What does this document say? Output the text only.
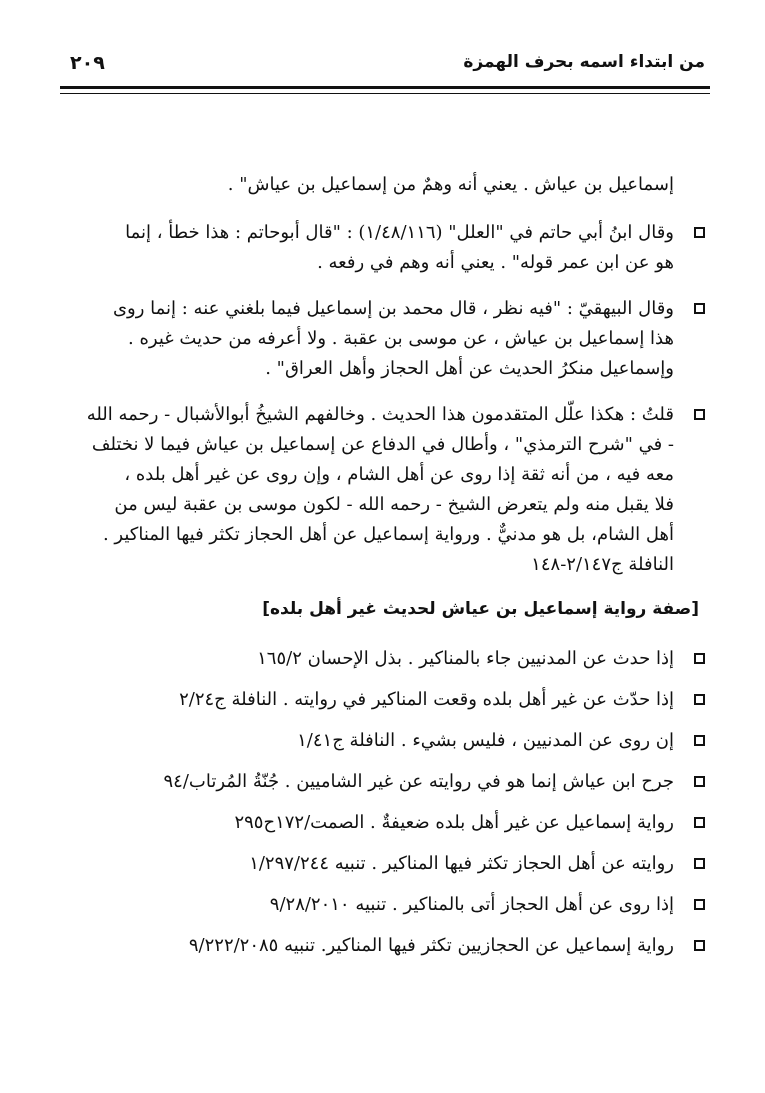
من ابتداء اسمه بحرف الهمزة
٢٠٩

إسماعيل بن عياش . يعني أنه وهمٌ من إسماعيل بن عياش" .

وقال ابنُ أبي حاتم في "العلل" (١/٤٨/١١٦) : "قال أبوحاتم : هذا خطأ ، إنما

هو عن ابن عمر قوله" . يعني أنه وهم في رفعه .

وقال البيهقيّ : "فيه نظر ، قال محمد بن إسماعيل فيما بلغني عنه : إنما روى

هذا إسماعيل بن عياش ، عن موسى بن عقبة . ولا أعرفه من حديث غيره .

وإسماعيل منكرُ الحديث عن أهل الحجاز وأهل العراق" .

قلتُ : هكذا علّل المتقدمون هذا الحديث . وخالفهم الشيخُ أبوالأشبال - رحمه الله

- في "شرح الترمذي" ، وأطال في الدفاع عن إسماعيل بن عياش فيما لا نختلف

معه فيه ، من أنه ثقة إذا روى عن أهل الشام ، وإن روى عن غير أهل بلده ،

فلا يقبل منه ولم يتعرض الشيخ - رحمه الله - لكون موسى بن عقبة ليس من

أهل الشام، بل هو مدنيٌّ . ورواية إسماعيل عن أهل الحجاز تكثر فيها المناكير .

النافلة ج٢/١٤٧-١٤٨

[صفة رواية إسماعيل بن عياش لحديث غير أهل بلده]
إذا حدث عن المدنيين جاء بالمناكير . بذل الإحسان ١٦٥/٢
إذا حدّث عن غير أهل بلده وقعت المناكير في روايته . النافلة ج٢/٢٤
إن روى عن المدنيين ، فليس بشيء . النافلة ج١/٤١
جرح ابن عياش إنما هو في روايته عن غير الشاميين . جُنّةُ المُرتاب/٩٤
رواية إسماعيل عن غير أهل بلده ضعيفةٌ . الصمت/١٧٢ح٢٩٥
روايته عن أهل الحجاز تكثر فيها المناكير . تنبيه ١/٢٩٧/٢٤٤
إذا روى عن أهل الحجاز أتى بالمناكير . تنبيه ٩/٢٨/٢٠١٠
رواية إسماعيل عن الحجازيين تكثر فيها المناكير. تنبيه ٩/٢٢٢/٢٠٨٥
